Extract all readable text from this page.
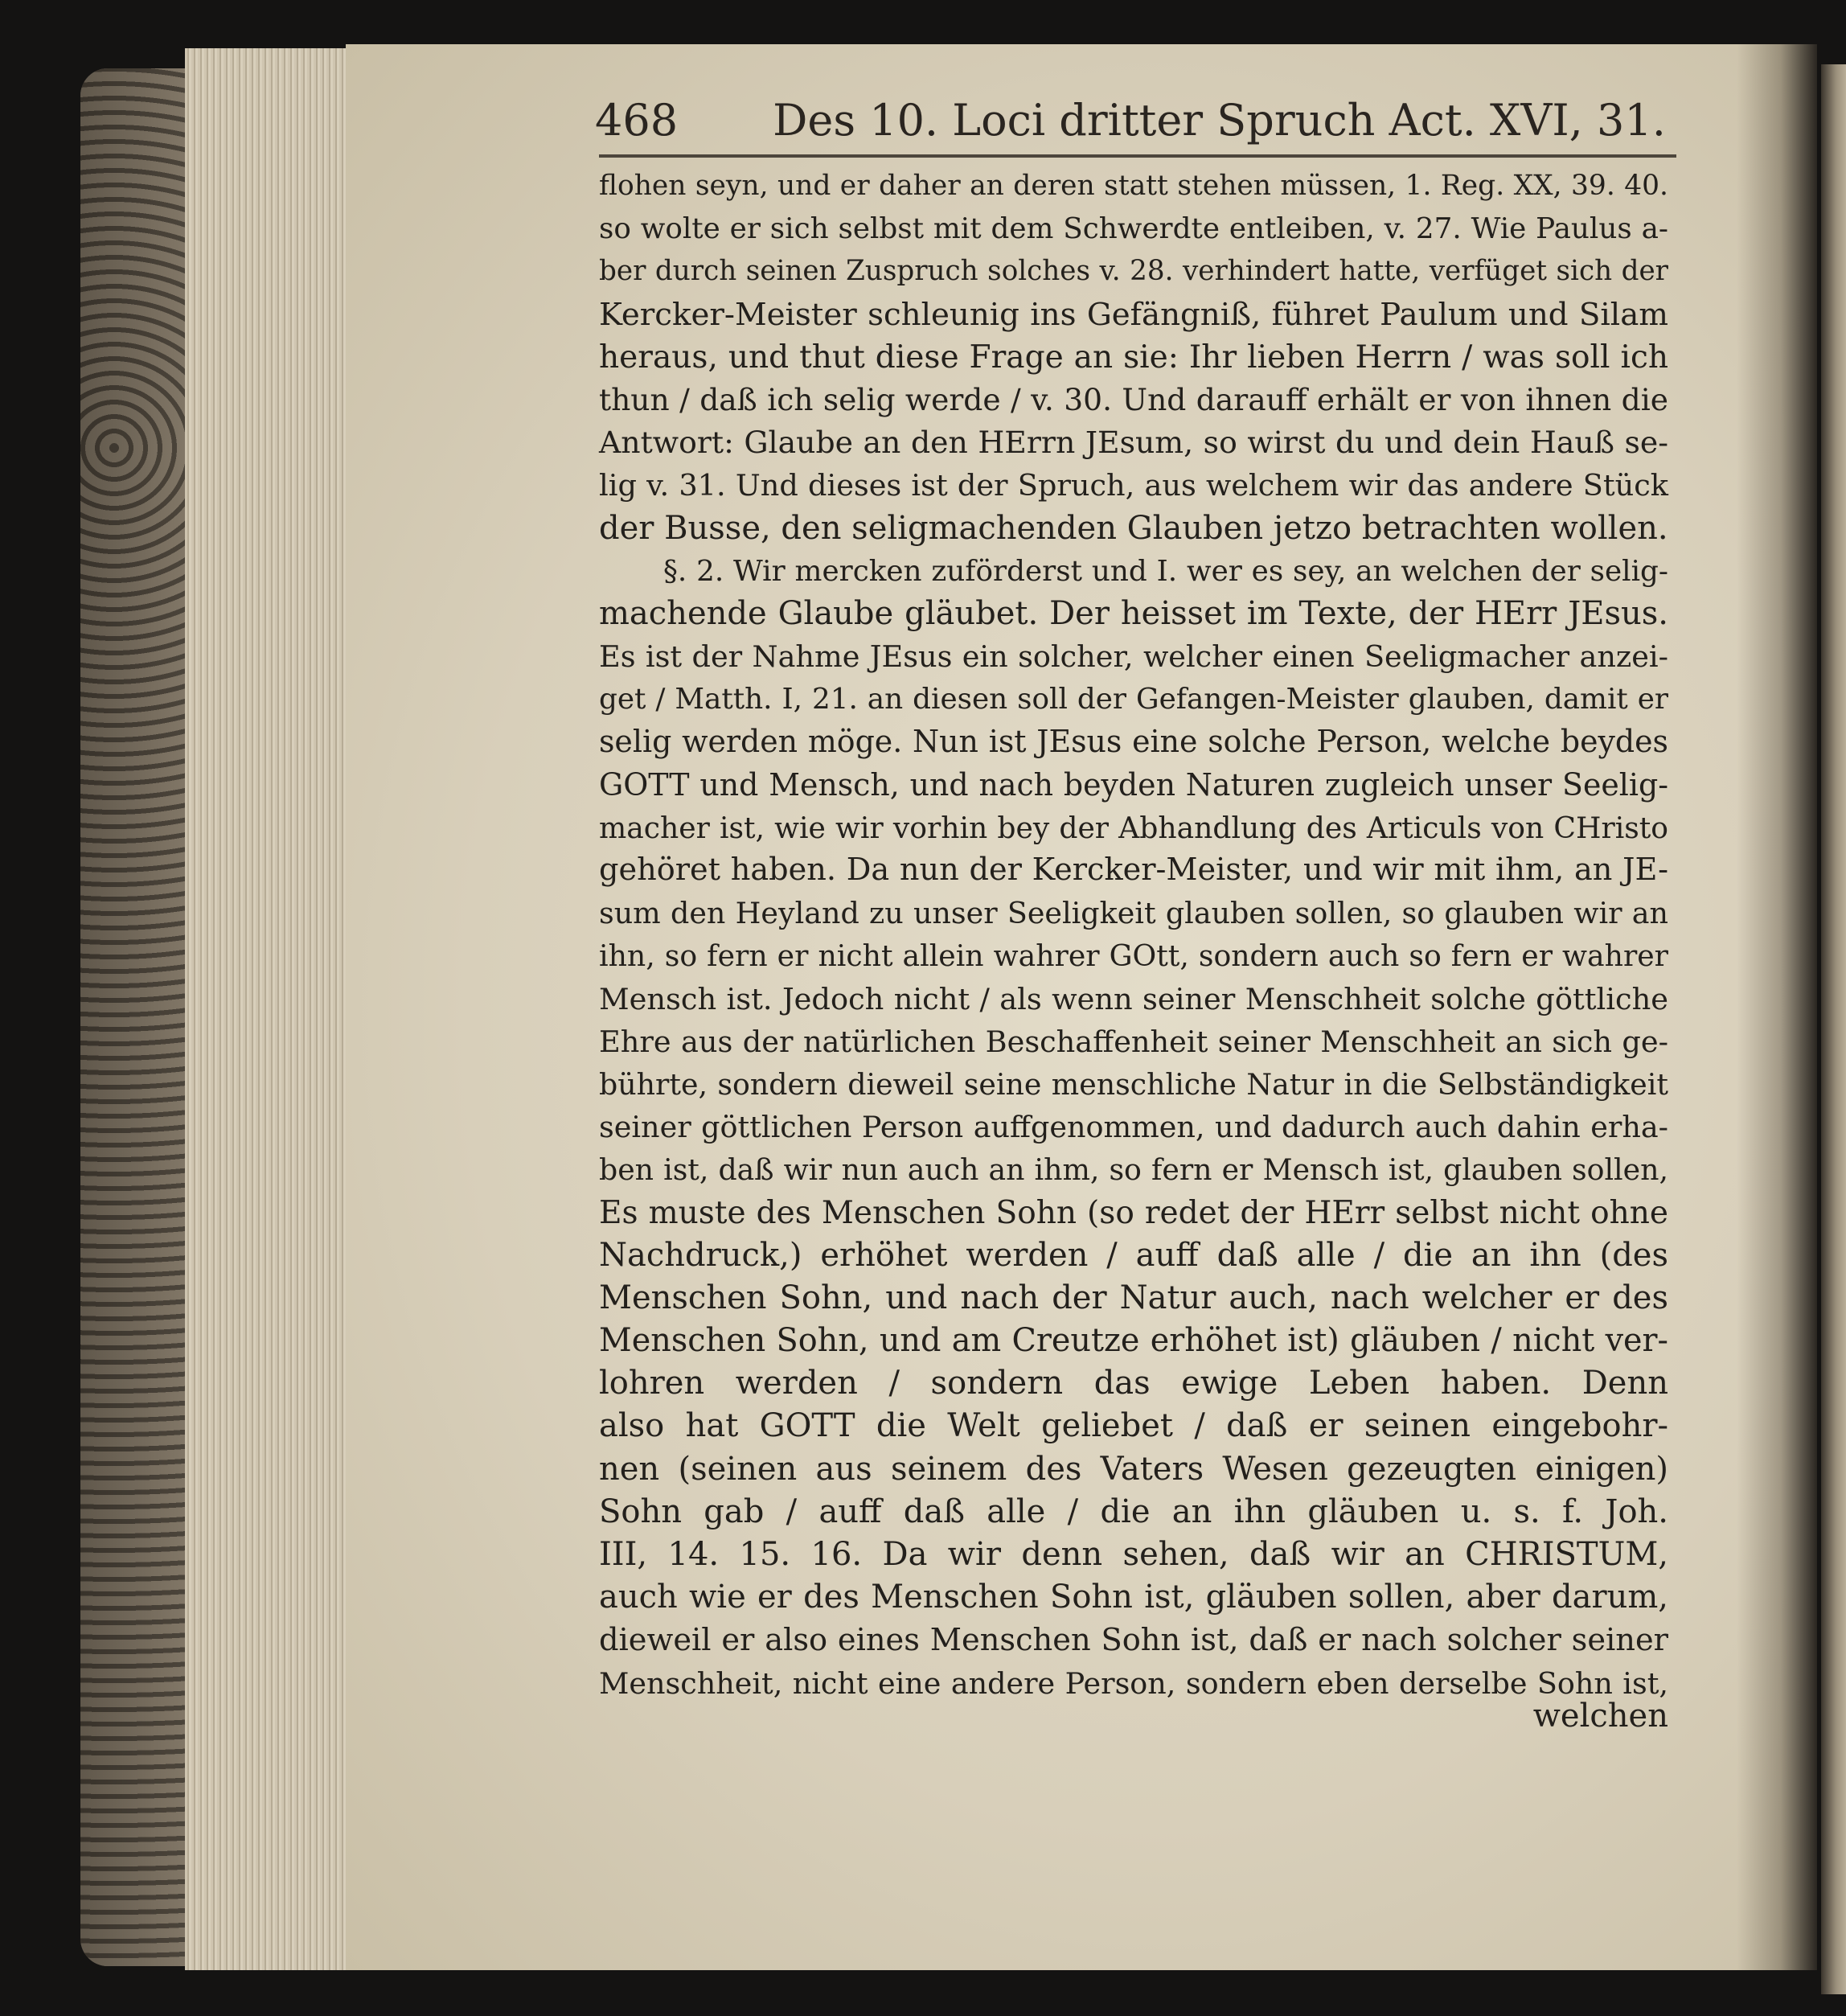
468 Des 10. Loci dritter Spruch Act. XVI, 31.
flohen seyn, und er daher an deren statt stehen müssen, 1. Reg. XX, 39. 40.
so wolte er sich selbst mit dem Schwerdte entleiben, v. 27. Wie Paulus a-
ber durch seinen Zuspruch solches v. 28. verhindert hatte, verfüget sich der
Kercker-Meister schleunig ins Gefängniß, führet Paulum und Silam
heraus, und thut diese Frage an sie: Ihr lieben Herrn / was soll ich
thun / daß ich selig werde / v. 30. Und darauff erhält er von ihnen die
Antwort: Glaube an den HErrn JEsum, so wirst du und dein Hauß se-
lig v. 31. Und dieses ist der Spruch, aus welchem wir das andere Stück
der Busse, den seligmachenden Glauben jetzo betrachten wollen.
§. 2. Wir mercken zuförderst und I. wer es sey, an welchen der selig-
machende Glaube gläubet. Der heisset im Texte, der HErr JEsus.
Es ist der Nahme JEsus ein solcher, welcher einen Seeligmacher anzei-
get / Matth. I, 21. an diesen soll der Gefangen-Meister glauben, damit er
selig werden möge. Nun ist JEsus eine solche Person, welche beydes
GOTT und Mensch, und nach beyden Naturen zugleich unser Seelig-
macher ist, wie wir vorhin bey der Abhandlung des Articuls von CHristo
gehöret haben. Da nun der Kercker-Meister, und wir mit ihm, an JE-
sum den Heyland zu unser Seeligkeit glauben sollen, so glauben wir an
ihn, so fern er nicht allein wahrer GOtt, sondern auch so fern er wahrer
Mensch ist. Jedoch nicht / als wenn seiner Menschheit solche göttliche
Ehre aus der natürlichen Beschaffenheit seiner Menschheit an sich ge-
bührte, sondern dieweil seine menschliche Natur in die Selbständigkeit
seiner göttlichen Person auffgenommen, und dadurch auch dahin erha-
ben ist, daß wir nun auch an ihm, so fern er Mensch ist, glauben sollen,
Es muste des Menschen Sohn (so redet der HErr selbst nicht ohne
Nachdruck,) erhöhet werden / auff daß alle / die an ihn (des
Menschen Sohn, und nach der Natur auch, nach welcher er des
Menschen Sohn, und am Creutze erhöhet ist) gläuben / nicht ver-
lohren werden / sondern das ewige Leben haben. Denn
also hat GOTT die Welt geliebet / daß er seinen eingebohr-
nen (seinen aus seinem des Vaters Wesen gezeugten einigen)
Sohn gab / auff daß alle / die an ihn gläuben u. s. f. Joh.
III, 14. 15. 16. Da wir denn sehen, daß wir an CHRISTUM,
auch wie er des Menschen Sohn ist, gläuben sollen, aber darum,
dieweil er also eines Menschen Sohn ist, daß er nach solcher seiner
Menschheit, nicht eine andere Person, sondern eben derselbe Sohn ist,
welchen
